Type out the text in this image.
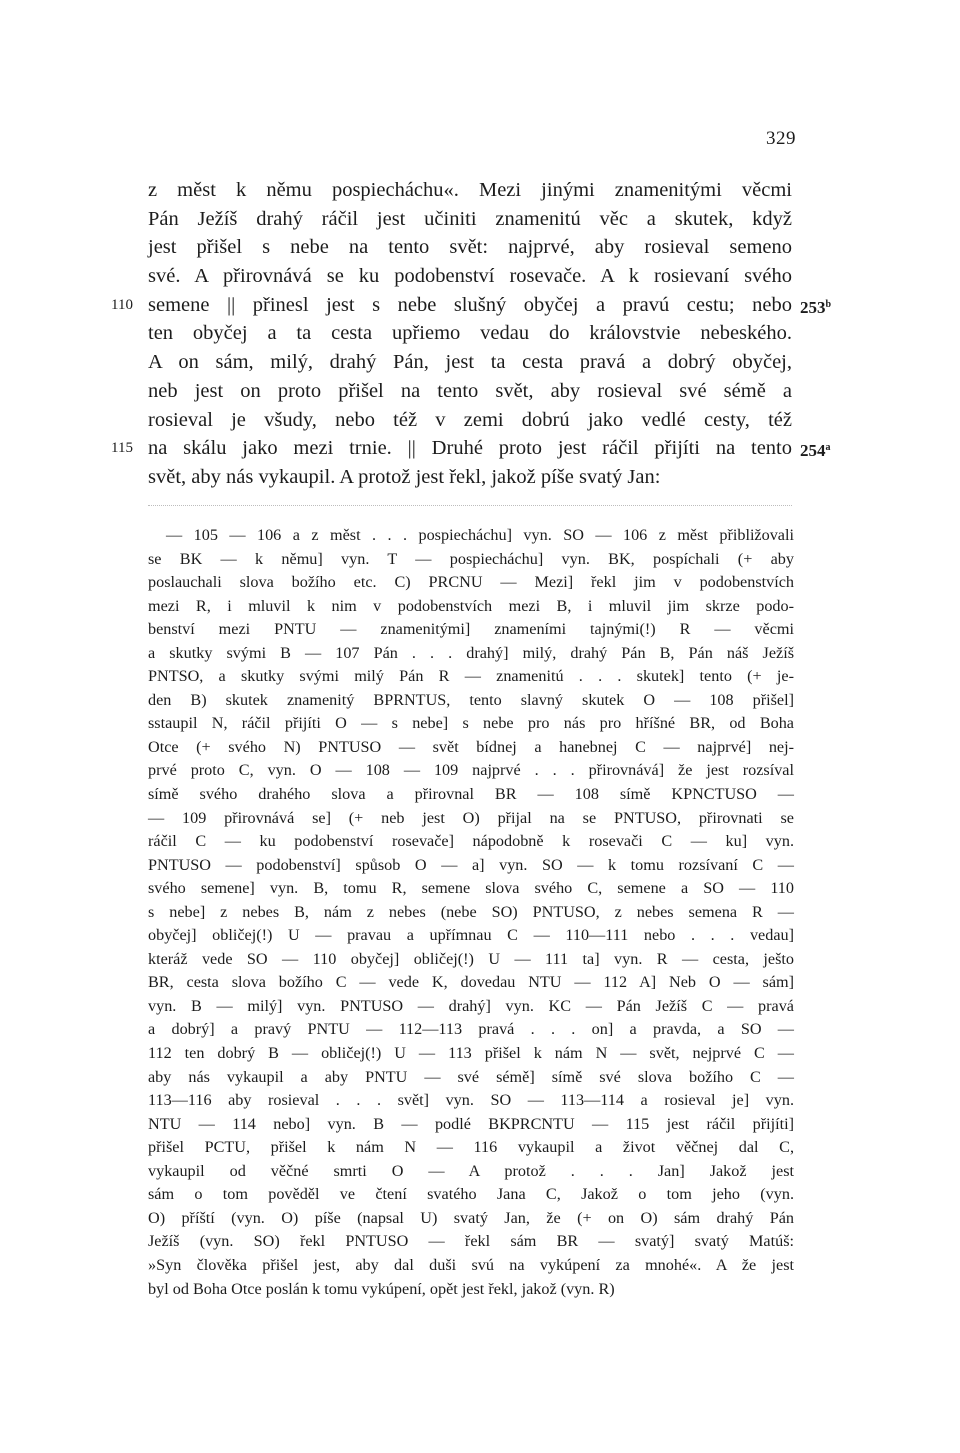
329
z měst k němu pospiecháchu«. Mezi jinými znamenitými věcmi
Pán Ježíš drahý ráčil jest učiniti znamenitú věc a skutek, když
jest přišel s nebe na tento svět: najprvé, aby rosieval semeno
své. A přirovnává se ku podobenství rosevače. A k rosievaní svého
110 semene || přinesl jest s nebe slušný obyčej a pravú cestu; nebo 253$^b$
ten obyčej a ta cesta upřiemo vedau do královstvie nebeského.
A on sám, milý, drahý Pán, jest ta cesta pravá a dobrý obyčej,
neb jest on proto přišel na tento svět, aby rosieval své sémě a
rosieval je všudy, nebo též v zemi dobrú jako vedlé cesty, též
115 na skálu jako mezi trnie. || Druhé proto jest ráčil přijíti na tento 254$^a$
svět, aby nás vykaupil. A protož jest řekl, jakož píše svatý Jan:
— 105 — 106 a z měst . . . pospiecháchu] vyn. SO — 106 z měst přibližovali
se BK — k němu] vyn. T — pospiecháchu] vyn. BK, pospíchali (+ aby
poslauchali slova božího etc. C) PRCNU — Mezi] řekl jim v podobenstvích
mezi R, i mluvil k nim v podobenstvích mezi B, i mluvil jim skrze podo-
benství mezi PNTU — znamenitými] znameními tajnými(!) R — věcmi
a skutky svými B — 107 Pán . . . drahý] milý, drahý Pán B, Pán náš Ježíš
PNTSO, a skutky svými milý Pán R — znamenitú . . . skutek] tento (+ je-
den B) skutek znamenitý BPRNTUS, tento slavný skutek O — 108 přišel]
sstaupil N, ráčil přijíti O — s nebe] s nebe pro nás pro hříšné BR, od Boha
Otce (+ svého N) PNTUSO — svět bídnej a hanebnej C — najprvé] nej-
prvé proto C, vyn. O — 108 — 109 najprvé . . . přirovnává] že jest rozsíval
símě svého drahého slova a přirovnal BR — 108 símě KPNCTUSO —
— 109 přirovnává se] (+ neb jest O) přijal na se PNTUSO, přirovnati se
ráčil C — ku podobenství rosevače] nápodobně k rosevači C — ku] vyn.
PNTUSO — podobenství] spůsob O — a] vyn. SO — k tomu rozsívaní C —
svého semene] vyn. B, tomu R, semene slova svého C, semene a SO — 110
s nebe] z nebes B, nám z nebes (nebe SO) PNTUSO, z nebes semena R —
obyčej] obličej(!) U — pravau a upřímnau C — 110—111 nebo . . . vedau]
kteráž vede SO — 110 obyčej] obličej(!) U — 111 ta] vyn. R — cesta, ješto
BR, cesta slova božího C — vede K, dovedau NTU — 112 A] Neb O — sám]
vyn. B — milý] vyn. PNTUSO — drahý] vyn. KC — Pán Ježíš C — pravá
a dobrý] a pravý PNTU — 112—113 pravá . . . on] a pravda, a SO —
112 ten dobrý B — obličej(!) U — 113 přišel k nám N — svět, nejprvé C —
aby nás vykaupil a aby PNTU — své sémě] símě své slova božího C —
113—116 aby rosieval . . . svět] vyn. SO — 113—114 a rosieval je] vyn.
NTU — 114 nebo] vyn. B — podlé BKPRCNTU — 115 jest ráčil přijíti]
přišel PCTU, přišel k nám N — 116 vykaupil a život věčnej dal C,
vykaupil od věčné smrti O — A protož . . . Jan] Jakož jest
sám o tom pověděl ve čtení svatého Jana C, Jakož o tom jeho (vyn.
O) příští (vyn. O) píše (napsal U) svatý Jan, že (+ on O) sám drahý Pán
Ježíš (vyn. SO) řekl PNTUSO — řekl sám BR — svatý] svatý Matúš:
»Syn člověka přišel jest, aby dal duši svú na vykúpení za mnohé«. A že jest
byl od Boha Otce poslán k tomu vykúpení, opět jest řekl, jakož (vyn. R)
